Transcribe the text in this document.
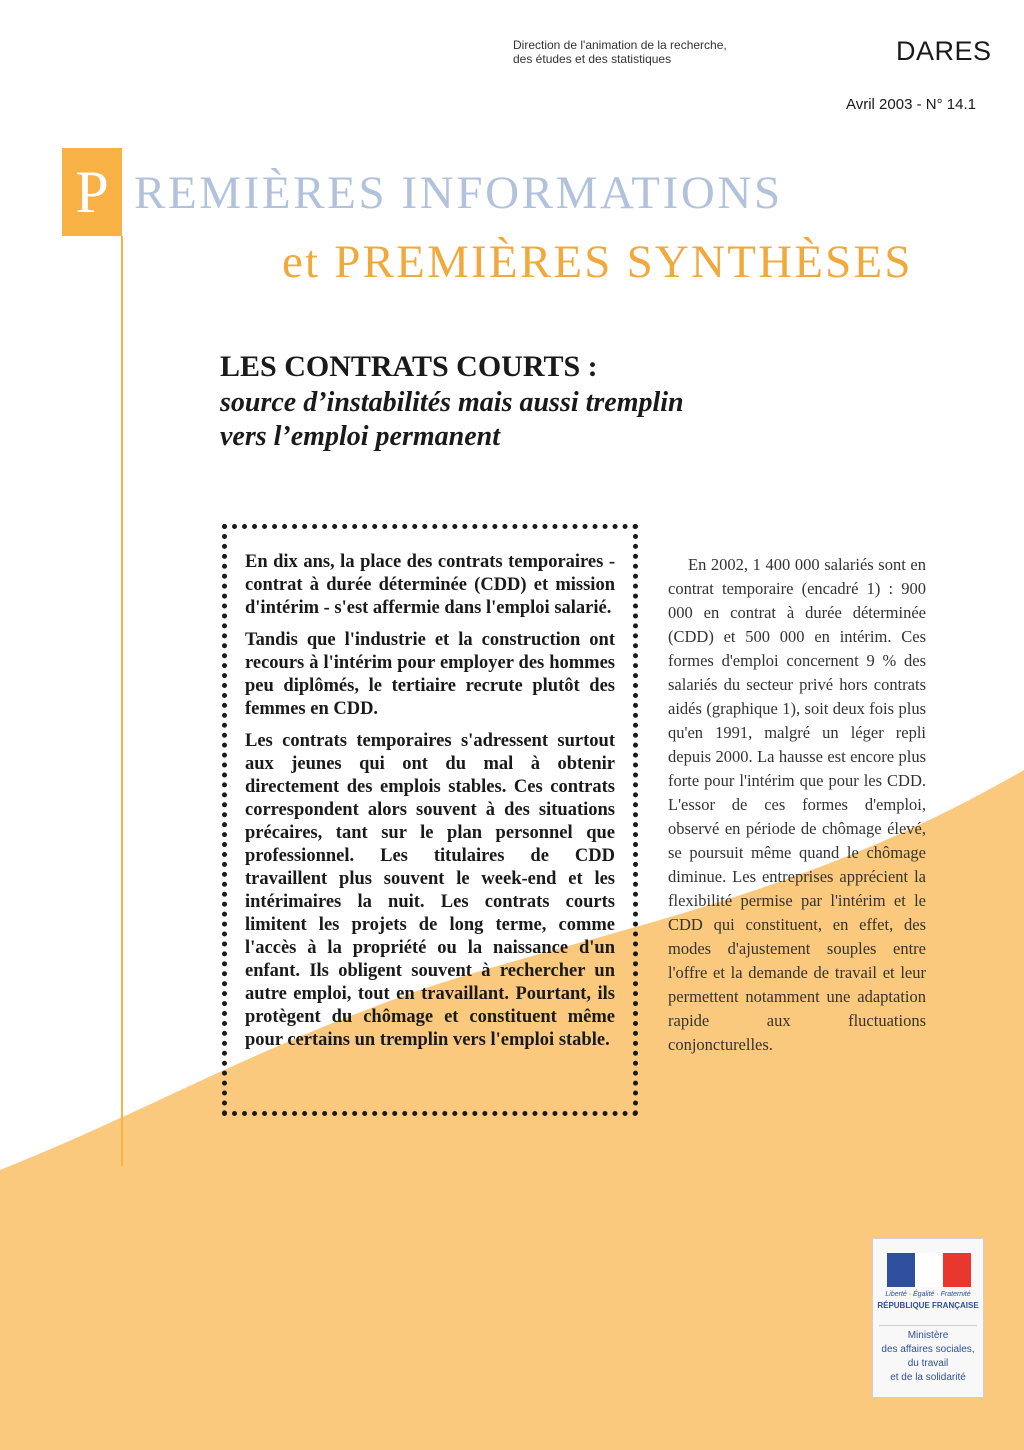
Direction de l'animation de la recherche,
des études et des statistiques	DARES
Avril 2003 - N° 14.1
P REMIÈRES INFORMATIONS
et PREMIÈRES SYNTHÈSES
LES CONTRATS COURTS :
source d’instabilités mais aussi tremplin
vers l’emploi permanent

En dix ans, la place des contrats temporaires - contrat à durée déterminée (CDD) et mission d'intérim - s'est affermie dans l'emploi salarié.

Tandis que l'industrie et la construction ont recours à l'intérim pour employer des hommes peu diplômés, le tertiaire recrute plutôt des femmes en CDD.

Les contrats temporaires s'adressent surtout aux jeunes qui ont du mal à obtenir directement des emplois stables. Ces contrats correspondent alors souvent à des situations précaires, tant sur le plan personnel que professionnel. Les titulaires de CDD travaillent plus souvent le week-end et les intérimaires la nuit. Les contrats courts limitent les projets de long terme, comme l'accès à la propriété ou la naissance d'un enfant. Ils obligent souvent à rechercher un autre emploi, tout en travaillant. Pourtant, ils protègent du chômage et constituent même pour certains un tremplin vers l'emploi stable.

En 2002, 1 400 000 salariés sont en contrat temporaire (encadré 1) : 900 000 en contrat à durée déterminée (CDD) et 500 000 en intérim. Ces formes d'emploi concernent 9 % des salariés du secteur privé hors contrats aidés (graphique 1), soit deux fois plus qu'en 1991, malgré un léger repli depuis 2000. La hausse est encore plus forte pour l'intérim que pour les CDD. L'essor de ces formes d'emploi, observé en période de chômage élevé, se poursuit même quand le chômage diminue. Les entreprises apprécient la flexibilité permise par l'intérim et le CDD qui constituent, en effet, des modes d'ajustement souples entre l'offre et la demande de travail et leur permettent notamment une adaptation rapide aux fluctuations conjoncturelles.

Liberté · Égalité · Fraternité
RÉPUBLIQUE FRANÇAISE
Ministère
des affaires sociales,
du travail
et de la solidarité
